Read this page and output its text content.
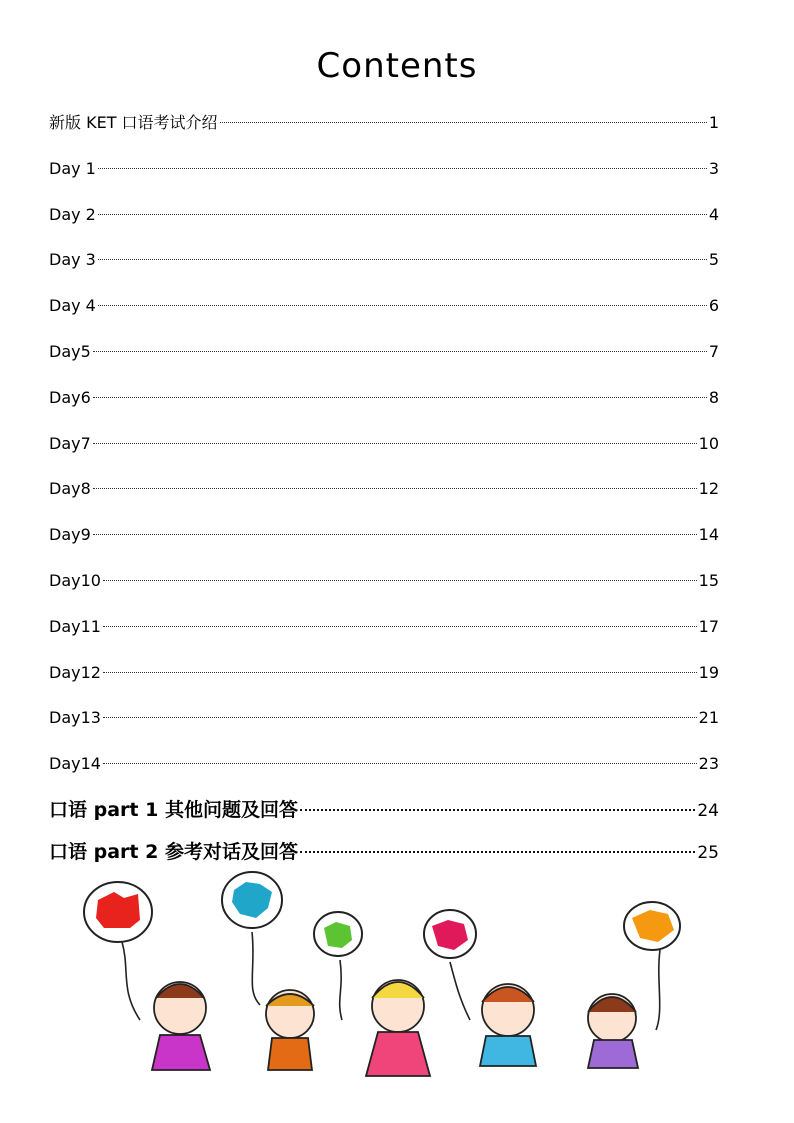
Contents
新版 KET 口语考试介绍	1
Day 1	3
Day 2	4
Day 3	5
Day 4	6
Day5	7
Day6	8
Day7	10
Day8	12
Day9	14
Day10	15
Day11	17
Day12	19
Day13	21
Day14	23
口语 part 1 其他问题及回答	24
口语 part 2 参考对话及回答	25
